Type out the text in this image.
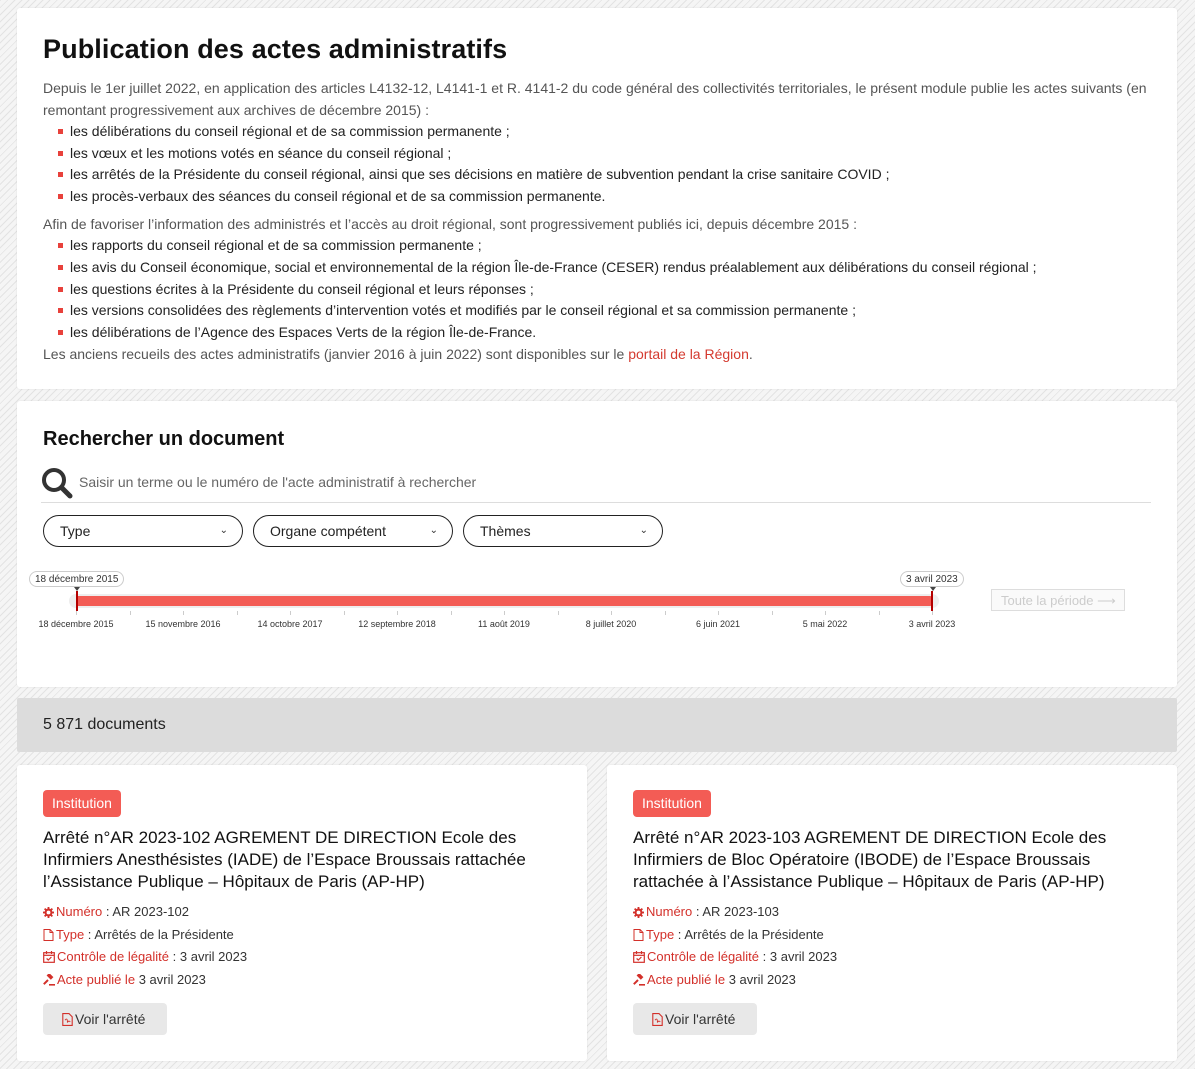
Publication des actes administratifs

Depuis le 1er juillet 2022, en application des articles L4132-12, L4141-1 et R. 4141-2 du code général des collectivités territoriales, le présent module publie les actes suivants (en remontant progressivement aux archives de décembre 2015) :

les délibérations du conseil régional et de sa commission permanente ;
les vœux et les motions votés en séance du conseil régional ;
les arrêtés de la Présidente du conseil régional, ainsi que ses décisions en matière de subvention pendant la crise sanitaire COVID ;
les procès-verbaux des séances du conseil régional et de sa commission permanente.

Afin de favoriser l’information des administrés et l’accès au droit régional, sont progressivement publiés ici, depuis décembre 2015 :

les rapports du conseil régional et de sa commission permanente ;
les avis du Conseil économique, social et environnemental de la région Île-de-France (CESER) rendus préalablement aux délibérations du conseil régional ;
les questions écrites à la Présidente du conseil régional et leurs réponses ;
les versions consolidées des règlements d’intervention votés et modifiés par le conseil régional et sa commission permanente ;
les délibérations de l’Agence des Espaces Verts de la région Île-de-France.

Les anciens recueils des actes administratifs (janvier 2016 à juin 2022) sont disponibles sur le portail de la Région.

Rechercher un document
Saisir un terme ou le numéro de l'acte administratif à rechercher
Type	⌄	Organe compétent	⌄	Thèmes	⌄
18 décembre 2015	3 avril 2023
18 décembre 2015	15 novembre 2016	14 octobre 2017	12 septembre 2018	11 août 2019	8 juillet 2020	6 juin 2021	5 mai 2022	3 avril 2023
Toute la période ⟶
5 871 documents
Institution
Arrêté n°AR 2023-102 AGREMENT DE DIRECTION Ecole des Infirmiers Anesthésistes (IADE) de l’Espace Broussais rattachée l’Assistance Publique – Hôpitaux de Paris (AP-HP)
Numéro : AR 2023-102
Type : Arrêtés de la Présidente
Contrôle de légalité : 3 avril 2023
Acte publié le 3 avril 2023
Voir l'arrêté
Institution
Arrêté n°AR 2023-103 AGREMENT DE DIRECTION Ecole des Infirmiers de Bloc Opératoire (IBODE) de l’Espace Broussais rattachée à l’Assistance Publique – Hôpitaux de Paris (AP-HP)
Numéro : AR 2023-103
Type : Arrêtés de la Présidente
Contrôle de légalité : 3 avril 2023
Acte publié le 3 avril 2023
Voir l'arrêté
